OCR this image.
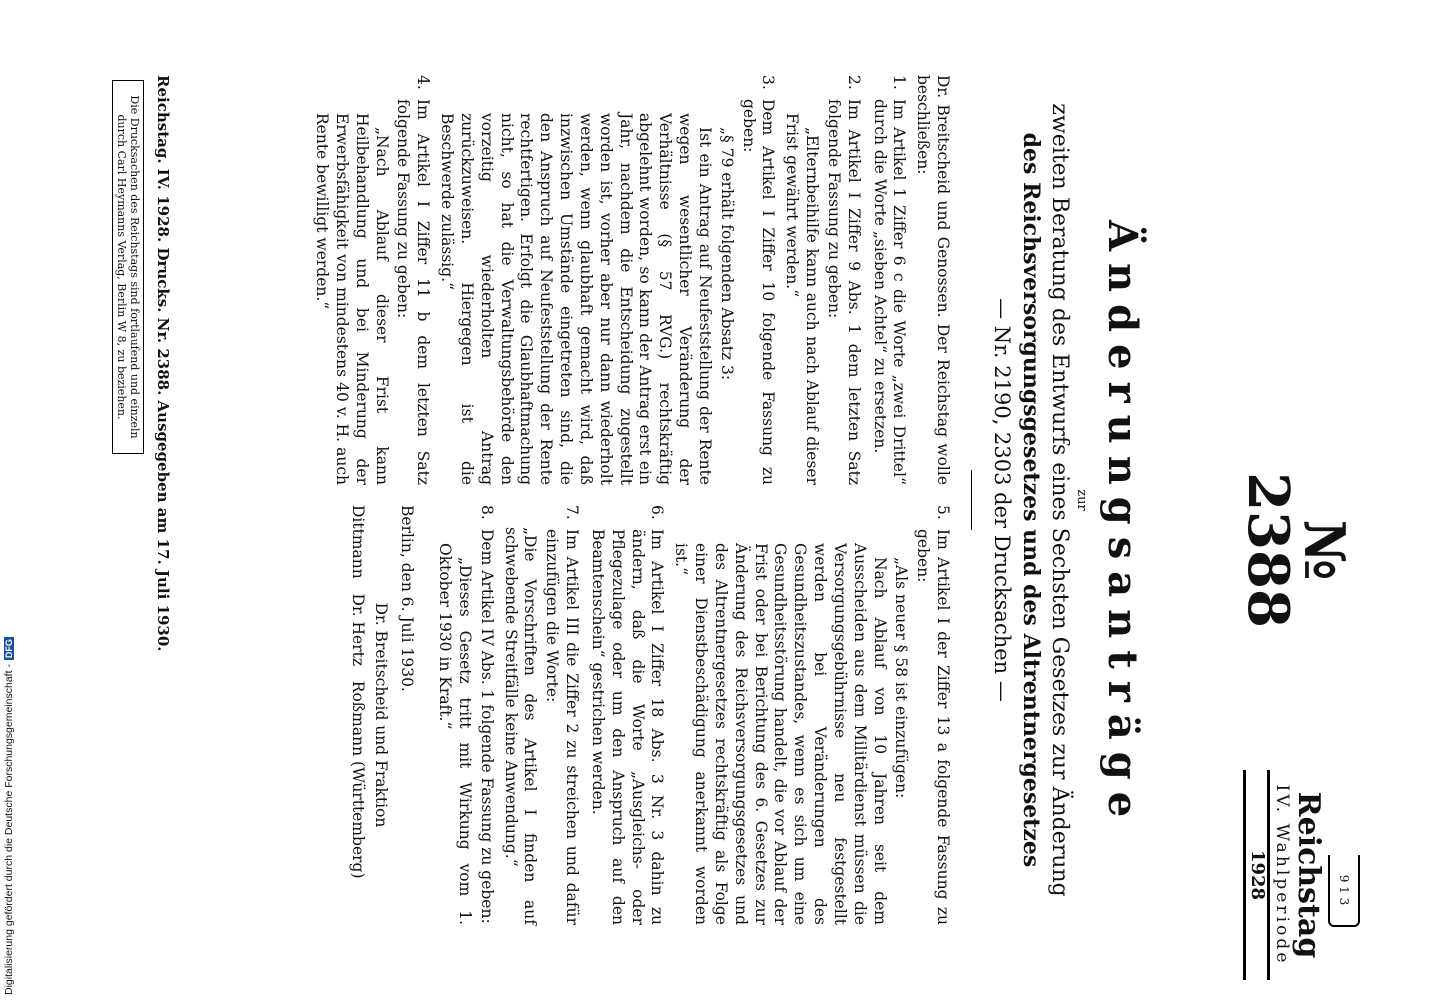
9 1 3
Reichstag
IV. Wahlperiode
1928
№ 2388
Änderungsanträge
zur
zweiten Beratung des Entwurfs eines Sechsten Gesetzes zur Änderung
des Reichsversorgungsgesetzes und des Altrentnergesetzes
— Nr. 2190, 2303 der Drucksachen —
5.

Im Artikel I der Ziffer 13 a folgende Fassung zu geben:

„Als neuer § 58 ist einzufügen:

Nach Ablauf von 10 Jahren seit dem Ausscheiden aus dem Militärdienst müssen die Versorgungsgebührnisse neu festgestellt werden bei Veränderungen des Gesundheitszustandes, wenn es sich um eine Gesundheitsstörung handelt, die vor Ablauf der Frist oder bei Berichtung des 6. Gesetzes zur Änderung des Reichsversorgungsgesetzes und des Altrentnergesetzes rechtskräftig als Folge einer Dienstbeschädigung anerkannt worden ist.“

6.

Im Artikel I Ziffer 18 Abs. 3 Nr. 3 dahin zu ändern, daß die Worte „Ausgleichs- oder Pflegezulage oder um den Anspruch auf den Beamtenschein“ gestrichen werden.

7.

Im Artikel III die Ziffer 2 zu streichen und dafür einzufügen die Worte:

„Die Vorschriften des Artikel I finden auf schwebende Streitfälle keine Anwendung.“

8.

Dem Artikel IV Abs. 1 folgende Fassung zu geben:

„Dieses Gesetz tritt mit Wirkung vom 1. Oktober 1930 in Kraft.“

Berlin, den 6. Juli 1930.

Dr. Breitscheid und Fraktion

Dittmann   Dr. Hertz   Roßmann (Württemberg)

Dr. Breitscheid und Genossen. Der Reichstag wolle beschließen:

1.

Im Artikel 1 Ziffer 6 c die Worte „zwei Drittel“ durch die Worte „sieben Achtel“ zu ersetzen.

2.

Im Artikel I Ziffer 9 Abs. 1 dem letzten Satz folgende Fassung zu geben:

„Elternbeihilfe kann auch nach Ablauf dieser Frist gewährt werden.“

3.

Dem Artikel I Ziffer 10 folgende Fassung zu geben:

„§ 79 erhält folgenden Absatz 3:

Ist ein Antrag auf Neufeststellung der Rente wegen wesentlicher Veränderung der Verhältnisse (§ 57 RVG.) rechtskräftig abgelehnt worden, so kann der Antrag erst ein Jahr, nachdem die Entscheidung zugestellt worden ist, vorher aber nur dann wiederholt werden, wenn glaubhaft gemacht wird, daß inzwischen Umstände eingetreten sind, die den Anspruch auf Neufeststellung der Rente rechtfertigen. Erfolgt die Glaubhaftmachung nicht, so hat die Verwaltungsbehörde den vorzeitig wiederholten Antrag zurückzuweisen. Hiergegen ist die Beschwerde zulässig.“

4.

Im Artikel I Ziffer 11 b dem letzten Satz folgende Fassung zu geben:

„Nach Ablauf dieser Frist kann Heilbehandlung und bei Minderung der Erwerbsfähigkeit von mindestens 40 v. H. auch Rente bewilligt werden.“

Reichstag. IV. 1928. Drucks. Nr. 2388. Ausgegeben am 17. Juli 1930.
Die Drucksachen des Reichstags sind fortlaufend und einzeln
durch Carl Heymanns Verlag, Berlin W 8, zu beziehen.
Digitalisierung gefördert durch die Deutsche Forschungsgemeinschaft -
DFG
